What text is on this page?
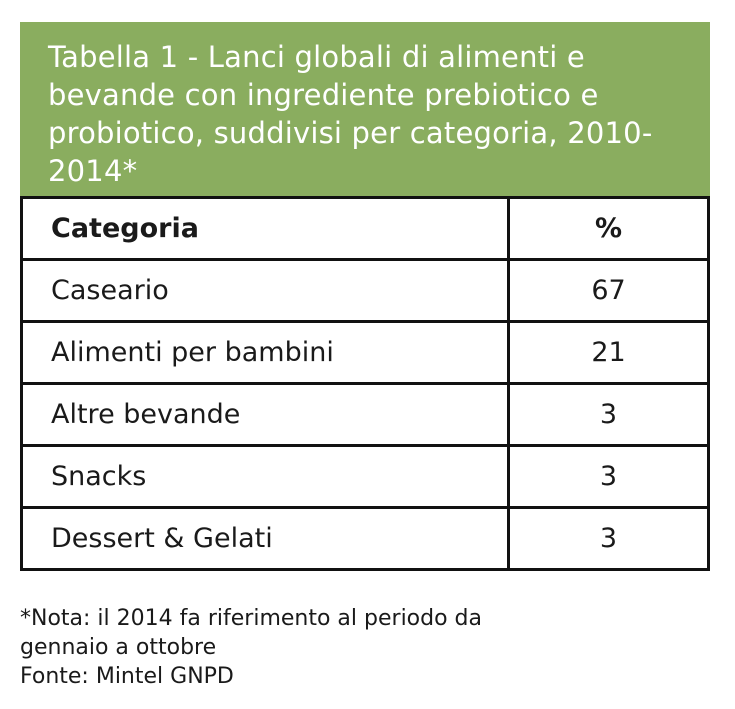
Tabella 1 - Lanci globali di alimenti e bevande con ingrediente prebiotico e probiotico, suddivisi per categoria, 2010-2014*
Categoria	%
Caseario	67
Alimenti per bambini	21
Altre bevande	3
Snacks	3
Dessert & Gelati	3
*Nota: il 2014 fa riferimento al periodo da
gennaio a ottobre
Fonte: Mintel GNPD
